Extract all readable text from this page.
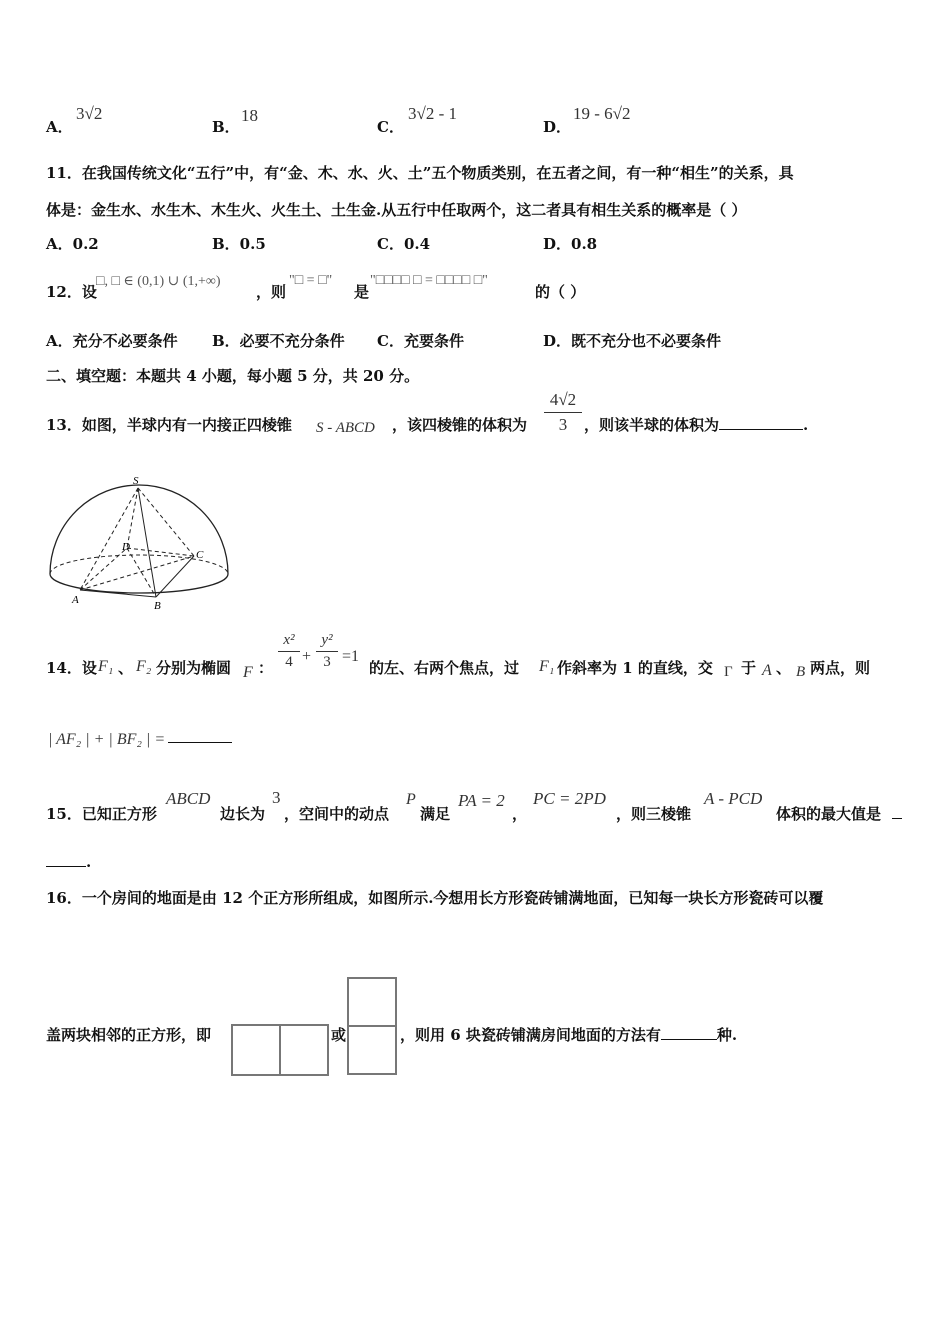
A．
3√2
B．
18
C．
3√2 - 1
D．
19 - 6√2
11．在我国传统文化“五行”中，有“金、木、水、火、土”五个物质类别，在五者之间，有一种“相生”的关系，具
体是：金生水、水生木、木生火、火生土、土生金.从五行中任取两个，这二者具有相生关系的概率是（ ）
A．0.2	B．0.5	C．0.4	D．0.8
12．设
□, □ ∈ (0,1) ∪ (1,+∞)
，则
"□ = □"
是
"□□□□ □ = □□□□ □"
的（ ）
A．充分不必要条件 B．必要不充分条件 C．充要条件	D．既不充分也不必要条件
二、填空题：本题共 4 小题，每小题 5 分，共 20 分。
13．如图，半球内有一内接正四棱锥 S - ABCD ，该四棱锥的体积为
4√2
3	，则该半球的体积为	.
S
D
C
A	B
14．设 F₁ 、 F₂ 分别为椭圆 F ：
x²
4 +
y²
3 =1
的左、右两个焦点，过 F₁ 作斜率为 1 的直线，交 Γ 于 A 、 B 两点，则
| AF₂ | + | BF₂ | =
15．已知正方形
ABCD
边长为
3
，空间中的动点
P
满足
PA = 2
，
PC = 2PD
，则三棱锥
A - PCD
体积的最大值是
.
16．一个房间的地面是由 12 个正方形所组成，如图所示.今想用长方形瓷砖铺满地面，已知每一块长方形瓷砖可以覆
盖两块相邻的正方形，即	或	，则用 6 块瓷砖铺满房间地面的方法有	种.
